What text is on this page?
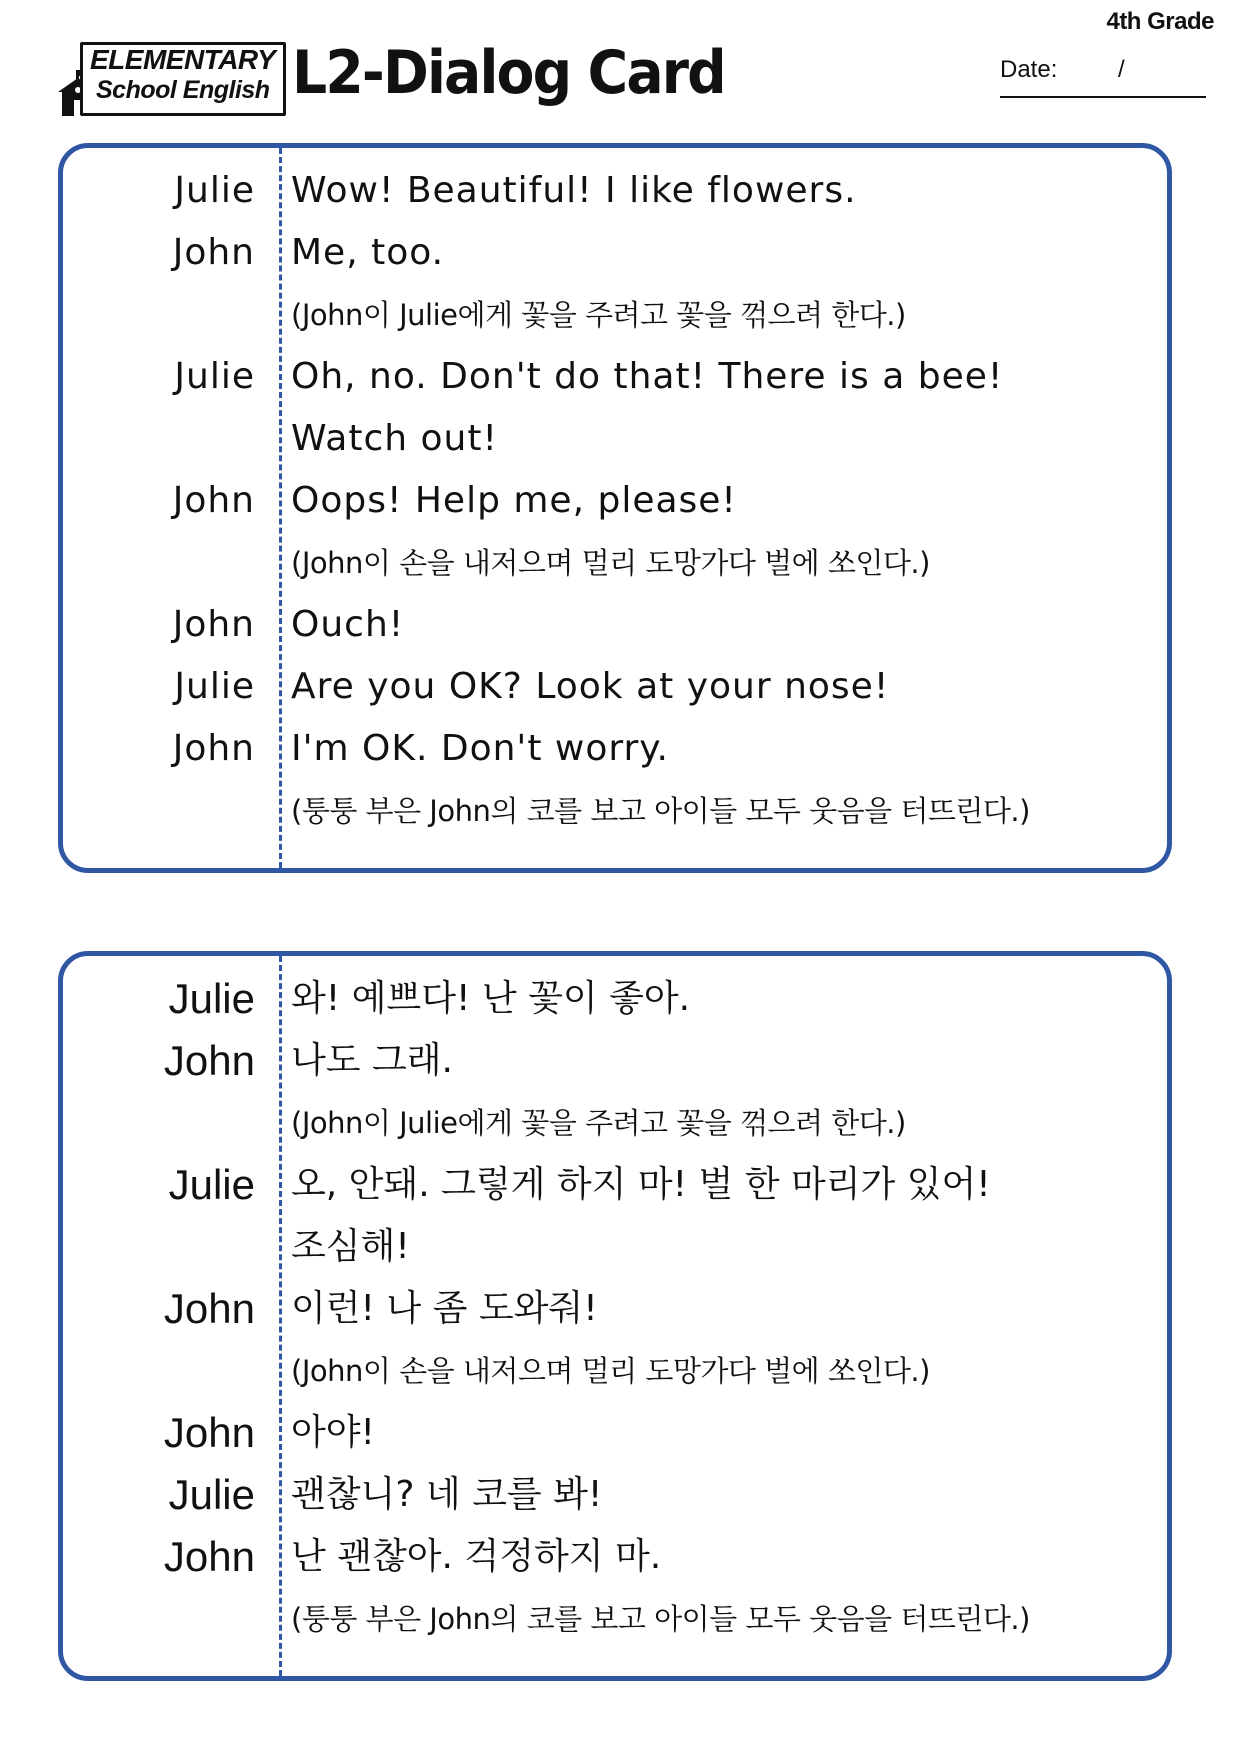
4th Grade
ELEMENTARY
School English L2-Dialog Card	Date:	/
Julie Wow! Beautiful! I like flowers.
John Me, too.
(John이 Julie에게 꽃을 주려고 꽃을 꺾으려 한다.)
Julie Oh, no. Don't do that! There is a bee!
Watch out!
John Oops! Help me, please!
(John이 손을 내저으며 멀리 도망가다 벌에 쏘인다.)
John Ouch!
Julie Are you OK? Look at your nose!
John I'm OK. Don't worry.
(퉁퉁 부은 John의 코를 보고 아이들 모두 웃음을 터뜨린다.)
Julie 와! 예쁘다! 난 꽃이 좋아.
John 나도 그래.
(John이 Julie에게 꽃을 주려고 꽃을 꺾으려 한다.)
Julie 오, 안돼. 그렇게 하지 마! 벌 한 마리가 있어!
조심해!
John 이런! 나 좀 도와줘!
(John이 손을 내저으며 멀리 도망가다 벌에 쏘인다.)
John 아야!
Julie 괜찮니? 네 코를 봐!
John 난 괜찮아. 걱정하지 마.
(퉁퉁 부은 John의 코를 보고 아이들 모두 웃음을 터뜨린다.)
